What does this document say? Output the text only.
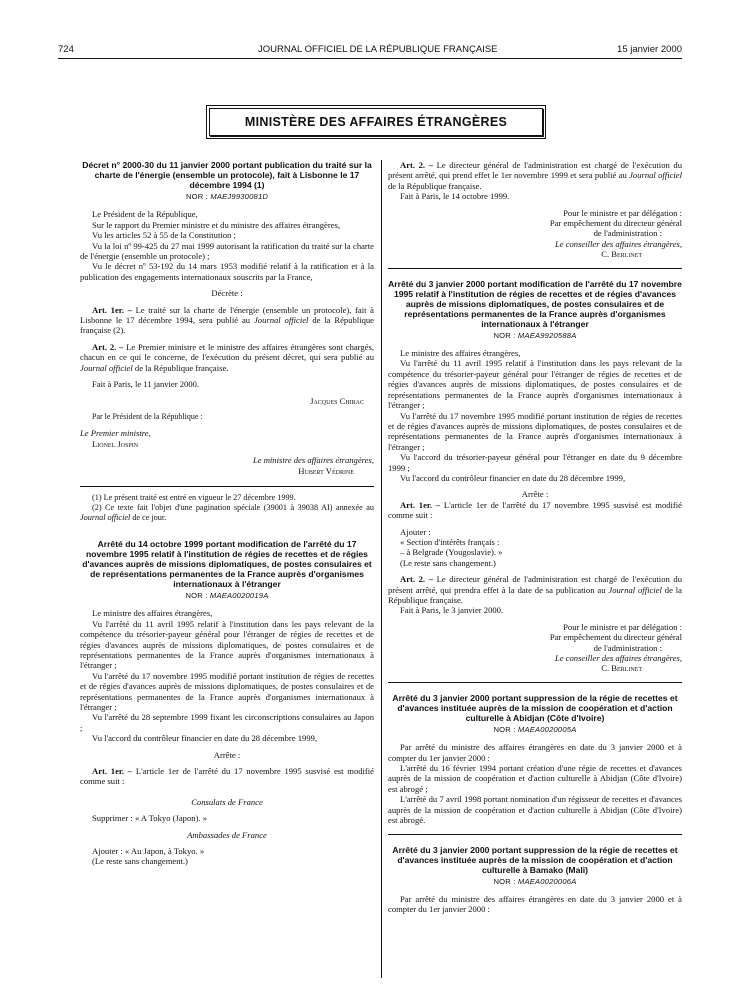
724	JOURNAL OFFICIEL DE LA RÉPUBLIQUE FRANÇAISE	15 janvier 2000
MINISTÈRE DES AFFAIRES ÉTRANGÈRES
Décret n° 2000-30 du 11 janvier 2000 portant publication du traité sur la charte de l'énergie (ensemble un protocole), fait à Lisbonne le 17 décembre 1994 (1)
NOR : MAEJ9930081D

Le Président de la République,

Sur le rapport du Premier ministre et du ministre des affaires étrangères,

Vu les articles 52 à 55 de la Constitution ;

Vu la loi nº 99-425 du 27 mai 1999 autorisant la ratification du traité sur la charte de l'énergie (ensemble un protocole) ;

Vu le décret nº 53-192 du 14 mars 1953 modifié relatif à la ratification et à la publication des engagements internationaux souscrits par la France,

Décrète :

Art. 1er. – Le traité sur la charte de l'énergie (ensemble un protocole), fait à Lisbonne le 17 décembre 1994, sera publié au Journal officiel de la République française (2).

Art. 2. – Le Premier ministre et le ministre des affaires étrangères sont chargés, chacun en ce qui le concerne, de l'exécution du présent décret, qui sera publié au Journal officiel de la République française.

Fait à Paris, le 11 janvier 2000.

Jacques Chirac

Par le Président de la République :

Le Premier ministre,

Lionel Jospin

Le ministre des affaires étrangères,

Hubert Védrine

(1) Le présent traité est entré en vigueur le 27 décembre 1999.

(2) Ce texte fait l'objet d'une pagination spéciale (39001 à 39038 AI) annexée au Journal officiel de ce jour.

Arrêté du 14 octobre 1999 portant modification de l'arrêté du 17 novembre 1995 relatif à l'institution de régies de recettes et de régies d'avances auprès de missions diplomatiques, de postes consulaires et de représentations permanentes de la France auprès d'organismes internationaux à l'étranger
NOR : MAEA0020019A

Le ministre des affaires étrangères,

Vu l'arrêté du 11 avril 1995 relatif à l'institution dans les pays relevant de la compétence du trésorier-payeur général pour l'étranger de régies de recettes et de régies d'avances auprès de missions diplomatiques, de postes consulaires et de représentations permanentes de la France auprès d'organismes internationaux à l'étranger ;

Vu l'arrêté du 17 novembre 1995 modifié portant institution de régies de recettes et de régies d'avances auprès de missions diplomatiques, de postes consulaires et de représentations permanentes de la France auprès d'organismes internationaux à l'étranger ;

Vu l'arrêté du 28 septembre 1999 fixant les circonscriptions consulaires au Japon ;

Vu l'accord du contrôleur financier en date du 28 décembre 1999,

Arrête :

Art. 1er. – L'article 1er de l'arrêté du 17 novembre 1995 susvisé est modifié comme suit :

Consulats de France

Supprimer : « A Tokyo (Japon). »

Ambassades de France

Ajouter : « Au Japon, à Tokyo. »

(Le reste sans changement.)

Art. 2. – Le directeur général de l'administration est chargé de l'exécution du présent arrêté, qui prend effet le 1er novembre 1999 et sera publié au Journal officiel de la République française.

Fait à Paris, le 14 octobre 1999.

Pour le ministre et par délégation :

Par empêchement du directeur général

de l'administration :

Le conseiller des affaires étrangères,

C. Berlinet

Arrêté du 3 janvier 2000 portant modification de l'arrêté du 17 novembre 1995 relatif à l'institution de régies de recettes et de régies d'avances auprès de missions diplomatiques, de postes consulaires et de représentations permanentes de la France auprès d'organismes internationaux à l'étranger
NOR : MAEA9920588A

Le ministre des affaires étrangères,

Vu l'arrêté du 11 avril 1995 relatif à l'institution dans les pays relevant de la compétence du trésorier-payeur général pour l'étranger de régies de recettes et de régies d'avances auprès de missions diplomatiques, de postes consulaires et de représentations permanentes de la France auprès d'organismes internationaux à l'étranger ;

Vu l'arrêté du 17 novembre 1995 modifié portant institution de régies de recettes et de régies d'avances auprès de missions diplomatiques, de postes consulaires et de représentations permanentes de la France auprès d'organismes internationaux à l'étranger ;

Vu l'accord du trésorier-payeur général pour l'étranger en date du 9 décembre 1999 ;

Vu l'accord du contrôleur financier en date du 28 décembre 1999,

Arrête :

Art. 1er. – L'article 1er de l'arrêté du 17 novembre 1995 susvisé est modifié comme suit :

Ajouter :

« Section d'intérêts français :

– à Belgrade (Yougoslavie). »

(Le reste sans changement.)

Art. 2. – Le directeur général de l'administration est chargé de l'exécution du présent arrêté, qui prendra effet à la date de sa publication au Journal officiel de la République française.

Fait à Paris, le 3 janvier 2000.

Pour le ministre et par délégation :

Par empêchement du directeur général

de l'administration :

Le conseiller des affaires étrangères,

C. Berlinet

Arrêté du 3 janvier 2000 portant suppression de la régie de recettes et d'avances instituée auprès de la mission de coopération et d'action culturelle à Abidjan (Côte d'Ivoire)
NOR : MAEA0020005A

Par arrêté du ministre des affaires étrangères en date du 3 janvier 2000 et à compter du 1er janvier 2000 :

L'arrêté du 16 février 1994 portant création d'une régie de recettes et d'avances auprès de la mission de coopération et d'action culturelle à Abidjan (Côte d'Ivoire) est abrogé ;

L'arrêté du 7 avril 1998 portant nomination d'un régisseur de recettes et d'avances auprès de la mission de coopération et d'action culturelle à Abidjan (Côte d'Ivoire) est abrogé.

Arrêté du 3 janvier 2000 portant suppression de la régie de recettes et d'avances instituée auprès de la mission de coopération et d'action culturelle à Bamako (Mali)
NOR : MAEA0020006A

Par arrêté du ministre des affaires étrangères en date du 3 janvier 2000 et à compter du 1er janvier 2000 :
